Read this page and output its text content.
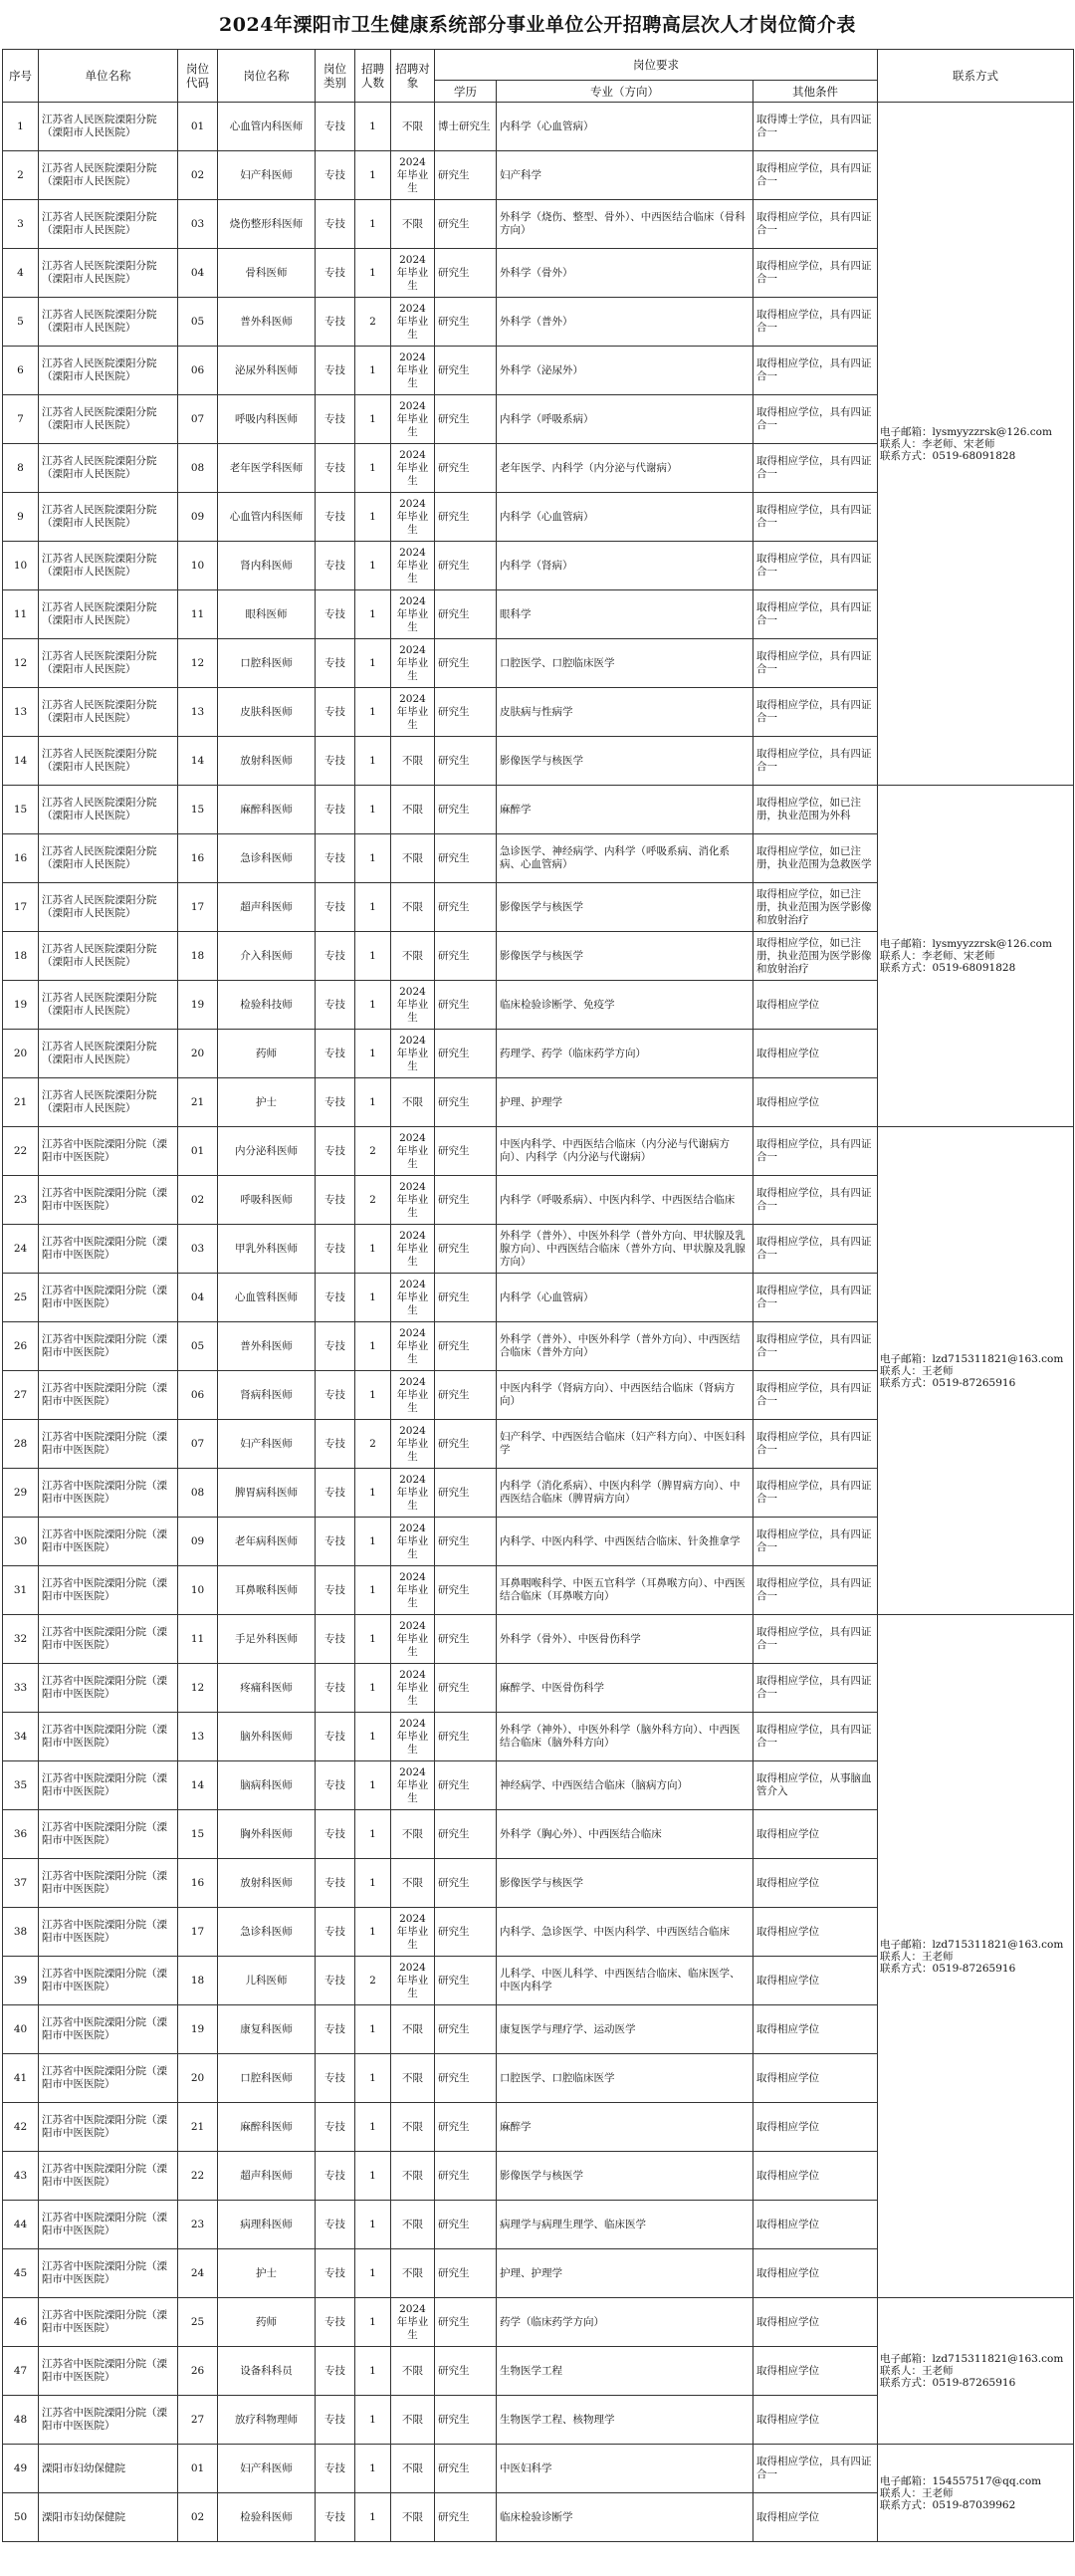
2024年溧阳市卫生健康系统部分事业单位公开招聘高层次人才岗位简介表
序号	单位名称	岗位代码	岗位名称	岗位类别	招聘人数	招聘对象	岗位要求			联系方式
							学历	专业（方向）	其他条件	
1	江苏省人民医院溧阳分院（溧阳市人民医院）	01	心血管内科医师	专技	1	不限	博士研究生	内科学（心血管病）	取得博士学位，具有四证合一	电子邮箱：lysmyyzzrsk@126.com
联系人：李老师、宋老师
联系方式：0519-68091828
2	江苏省人民医院溧阳分院（溧阳市人民医院）	02	妇产科医师	专技	1	2024年毕业生	研究生	妇产科学	取得相应学位，具有四证合一	
3	江苏省人民医院溧阳分院（溧阳市人民医院）	03	烧伤整形科医师	专技	1	不限	研究生	外科学（烧伤、整型、骨外）、中西医结合临床（骨科方向）	取得相应学位，具有四证合一	
4	江苏省人民医院溧阳分院（溧阳市人民医院）	04	骨科医师	专技	1	2024年毕业生	研究生	外科学（骨外）	取得相应学位，具有四证合一	
5	江苏省人民医院溧阳分院（溧阳市人民医院）	05	普外科医师	专技	2	2024年毕业生	研究生	外科学（普外）	取得相应学位，具有四证合一	
6	江苏省人民医院溧阳分院（溧阳市人民医院）	06	泌尿外科医师	专技	1	2024年毕业生	研究生	外科学（泌尿外）	取得相应学位，具有四证合一	
7	江苏省人民医院溧阳分院（溧阳市人民医院）	07	呼吸内科医师	专技	1	2024年毕业生	研究生	内科学（呼吸系病）	取得相应学位，具有四证合一	
8	江苏省人民医院溧阳分院（溧阳市人民医院）	08	老年医学科医师	专技	1	2024年毕业生	研究生	老年医学、内科学（内分泌与代谢病）	取得相应学位，具有四证合一	
9	江苏省人民医院溧阳分院（溧阳市人民医院）	09	心血管内科医师	专技	1	2024年毕业生	研究生	内科学（心血管病）	取得相应学位，具有四证合一	
10	江苏省人民医院溧阳分院（溧阳市人民医院）	10	肾内科医师	专技	1	2024年毕业生	研究生	内科学（肾病）	取得相应学位，具有四证合一	
11	江苏省人民医院溧阳分院（溧阳市人民医院）	11	眼科医师	专技	1	2024年毕业生	研究生	眼科学	取得相应学位，具有四证合一	
12	江苏省人民医院溧阳分院（溧阳市人民医院）	12	口腔科医师	专技	1	2024年毕业生	研究生	口腔医学、口腔临床医学	取得相应学位，具有四证合一	
13	江苏省人民医院溧阳分院（溧阳市人民医院）	13	皮肤科医师	专技	1	2024年毕业生	研究生	皮肤病与性病学	取得相应学位，具有四证合一	
14	江苏省人民医院溧阳分院（溧阳市人民医院）	14	放射科医师	专技	1	不限	研究生	影像医学与核医学	取得相应学位，具有四证合一	
15	江苏省人民医院溧阳分院（溧阳市人民医院）	15	麻醉科医师	专技	1	不限	研究生	麻醉学	取得相应学位，如已注册，执业范围为外科	电子邮箱：lysmyyzzrsk@126.com
联系人：李老师、宋老师
联系方式：0519-68091828
16	江苏省人民医院溧阳分院（溧阳市人民医院）	16	急诊科医师	专技	1	不限	研究生	急诊医学、神经病学、内科学（呼吸系病、消化系病、心血管病）	取得相应学位，如已注册，执业范围为急救医学	
17	江苏省人民医院溧阳分院（溧阳市人民医院）	17	超声科医师	专技	1	不限	研究生	影像医学与核医学	取得相应学位，如已注册，执业范围为医学影像和放射治疗	
18	江苏省人民医院溧阳分院（溧阳市人民医院）	18	介入科医师	专技	1	不限	研究生	影像医学与核医学	取得相应学位，如已注册，执业范围为医学影像和放射治疗	
19	江苏省人民医院溧阳分院（溧阳市人民医院）	19	检验科技师	专技	1	2024年毕业生	研究生	临床检验诊断学、免疫学	取得相应学位	
20	江苏省人民医院溧阳分院（溧阳市人民医院）	20	药师	专技	1	2024年毕业生	研究生	药理学、药学（临床药学方向）	取得相应学位	
21	江苏省人民医院溧阳分院（溧阳市人民医院）	21	护士	专技	1	不限	研究生	护理、护理学	取得相应学位	
22	江苏省中医院溧阳分院（溧阳市中医医院）	01	内分泌科医师	专技	2	2024年毕业生	研究生	中医内科学、中西医结合临床（内分泌与代谢病方向）、内科学（内分泌与代谢病）	取得相应学位，具有四证合一	电子邮箱：lzd715311821@163.com
联系人：王老师
联系方式：0519-87265916
23	江苏省中医院溧阳分院（溧阳市中医医院）	02	呼吸科医师	专技	2	2024年毕业生	研究生	内科学（呼吸系病）、中医内科学、中西医结合临床	取得相应学位，具有四证合一	
24	江苏省中医院溧阳分院（溧阳市中医医院）	03	甲乳外科医师	专技	1	2024年毕业生	研究生	外科学（普外）、中医外科学（普外方向、甲状腺及乳腺方向）、中西医结合临床（普外方向、甲状腺及乳腺方向）	取得相应学位，具有四证合一	
25	江苏省中医院溧阳分院（溧阳市中医医院）	04	心血管科医师	专技	1	2024年毕业生	研究生	内科学（心血管病）	取得相应学位，具有四证合一	
26	江苏省中医院溧阳分院（溧阳市中医医院）	05	普外科医师	专技	1	2024年毕业生	研究生	外科学（普外）、中医外科学（普外方向）、中西医结合临床（普外方向）	取得相应学位，具有四证合一	
27	江苏省中医院溧阳分院（溧阳市中医医院）	06	肾病科医师	专技	1	2024年毕业生	研究生	中医内科学（肾病方向）、中西医结合临床（肾病方向）	取得相应学位，具有四证合一	
28	江苏省中医院溧阳分院（溧阳市中医医院）	07	妇产科医师	专技	2	2024年毕业生	研究生	妇产科学、中西医结合临床（妇产科方向）、中医妇科学	取得相应学位，具有四证合一	
29	江苏省中医院溧阳分院（溧阳市中医医院）	08	脾胃病科医师	专技	1	2024年毕业生	研究生	内科学（消化系病）、中医内科学（脾胃病方向）、中西医结合临床（脾胃病方向）	取得相应学位，具有四证合一	
30	江苏省中医院溧阳分院（溧阳市中医医院）	09	老年病科医师	专技	1	2024年毕业生	研究生	内科学、中医内科学、中西医结合临床、针灸推拿学	取得相应学位，具有四证合一	
31	江苏省中医院溧阳分院（溧阳市中医医院）	10	耳鼻喉科医师	专技	1	2024年毕业生	研究生	耳鼻咽喉科学、中医五官科学（耳鼻喉方向）、中西医结合临床（耳鼻喉方向）	取得相应学位，具有四证合一	
32	江苏省中医院溧阳分院（溧阳市中医医院）	11	手足外科医师	专技	1	2024年毕业生	研究生	外科学（骨外）、中医骨伤科学	取得相应学位，具有四证合一	电子邮箱：lzd715311821@163.com
联系人：王老师
联系方式：0519-87265916
33	江苏省中医院溧阳分院（溧阳市中医医院）	12	疼痛科医师	专技	1	2024年毕业生	研究生	麻醉学、中医骨伤科学	取得相应学位，具有四证合一	
34	江苏省中医院溧阳分院（溧阳市中医医院）	13	脑外科医师	专技	1	2024年毕业生	研究生	外科学（神外）、中医外科学（脑外科方向）、中西医结合临床（脑外科方向）	取得相应学位，具有四证合一	
35	江苏省中医院溧阳分院（溧阳市中医医院）	14	脑病科医师	专技	1	2024年毕业生	研究生	神经病学、中西医结合临床（脑病方向）	取得相应学位，从事脑血管介入	
36	江苏省中医院溧阳分院（溧阳市中医医院）	15	胸外科医师	专技	1	不限	研究生	外科学（胸心外）、中西医结合临床	取得相应学位	
37	江苏省中医院溧阳分院（溧阳市中医医院）	16	放射科医师	专技	1	不限	研究生	影像医学与核医学	取得相应学位	
38	江苏省中医院溧阳分院（溧阳市中医医院）	17	急诊科医师	专技	1	2024年毕业生	研究生	内科学、急诊医学、中医内科学、中西医结合临床	取得相应学位	
39	江苏省中医院溧阳分院（溧阳市中医医院）	18	儿科医师	专技	2	2024年毕业生	研究生	儿科学、中医儿科学、中西医结合临床、临床医学、中医内科学	取得相应学位	
40	江苏省中医院溧阳分院（溧阳市中医医院）	19	康复科医师	专技	1	不限	研究生	康复医学与理疗学、运动医学	取得相应学位	
41	江苏省中医院溧阳分院（溧阳市中医医院）	20	口腔科医师	专技	1	不限	研究生	口腔医学、口腔临床医学	取得相应学位	
42	江苏省中医院溧阳分院（溧阳市中医医院）	21	麻醉科医师	专技	1	不限	研究生	麻醉学	取得相应学位	
43	江苏省中医院溧阳分院（溧阳市中医医院）	22	超声科医师	专技	1	不限	研究生	影像医学与核医学	取得相应学位	
44	江苏省中医院溧阳分院（溧阳市中医医院）	23	病理科医师	专技	1	不限	研究生	病理学与病理生理学、临床医学	取得相应学位	
45	江苏省中医院溧阳分院（溧阳市中医医院）	24	护士	专技	1	不限	研究生	护理、护理学	取得相应学位	
46	江苏省中医院溧阳分院（溧阳市中医医院）	25	药师	专技	1	2024年毕业生	研究生	药学（临床药学方向）	取得相应学位	电子邮箱：lzd715311821@163.com
联系人：王老师
联系方式：0519-87265916
47	江苏省中医院溧阳分院（溧阳市中医医院）	26	设备科科员	专技	1	不限	研究生	生物医学工程	取得相应学位	
48	江苏省中医院溧阳分院（溧阳市中医医院）	27	放疗科物理师	专技	1	不限	研究生	生物医学工程、核物理学	取得相应学位	
49	溧阳市妇幼保健院	01	妇产科医师	专技	1	不限	研究生	中医妇科学	取得相应学位，具有四证合一	电子邮箱：154557517@qq.com
联系人：王老师
联系方式：0519-87039962
50	溧阳市妇幼保健院	02	检验科医师	专技	1	不限	研究生	临床检验诊断学	取得相应学位	
